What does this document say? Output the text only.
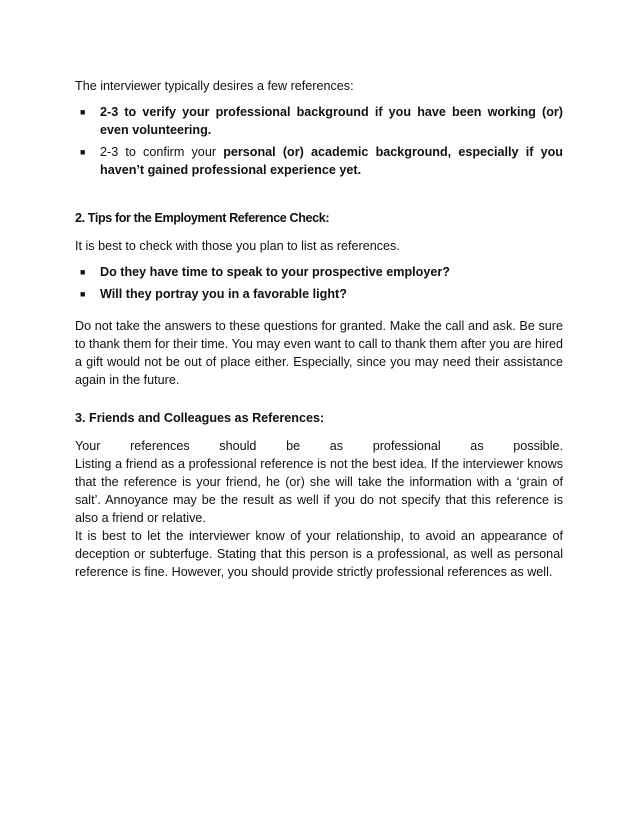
The interviewer typically desires a few references:

■ 2-3 to verify your professional background if you have been working (or) even volunteering.
■ 2-3 to confirm your personal (or) academic background, especially if you haven’t gained professional experience yet.
2. Tips for the Employment Reference Check:

It is best to check with those you plan to list as references.

■ Do they have time to speak to your prospective employer?
■ Will they portray you in a favorable light?

Do not take the answers to these questions for granted. Make the call and ask. Be sure to thank them for their time. You may even want to call to thank them after you are hired a gift would not be out of place either. Especially, since you may need their assistance again in the future.

3. Friends and Colleagues as References:

Your references should be as professional as possible.

Listing a friend as a professional reference is not the best idea. If the interviewer knows that the reference is your friend, he (or) she will take the information with a ‘grain of salt’. Annoyance may be the result as well if you do not specify that this reference is also a friend or relative.

It is best to let the interviewer know of your relationship, to avoid an appearance of deception or subterfuge. Stating that this person is a professional, as well as personal reference is fine. However, you should provide strictly professional references as well.
